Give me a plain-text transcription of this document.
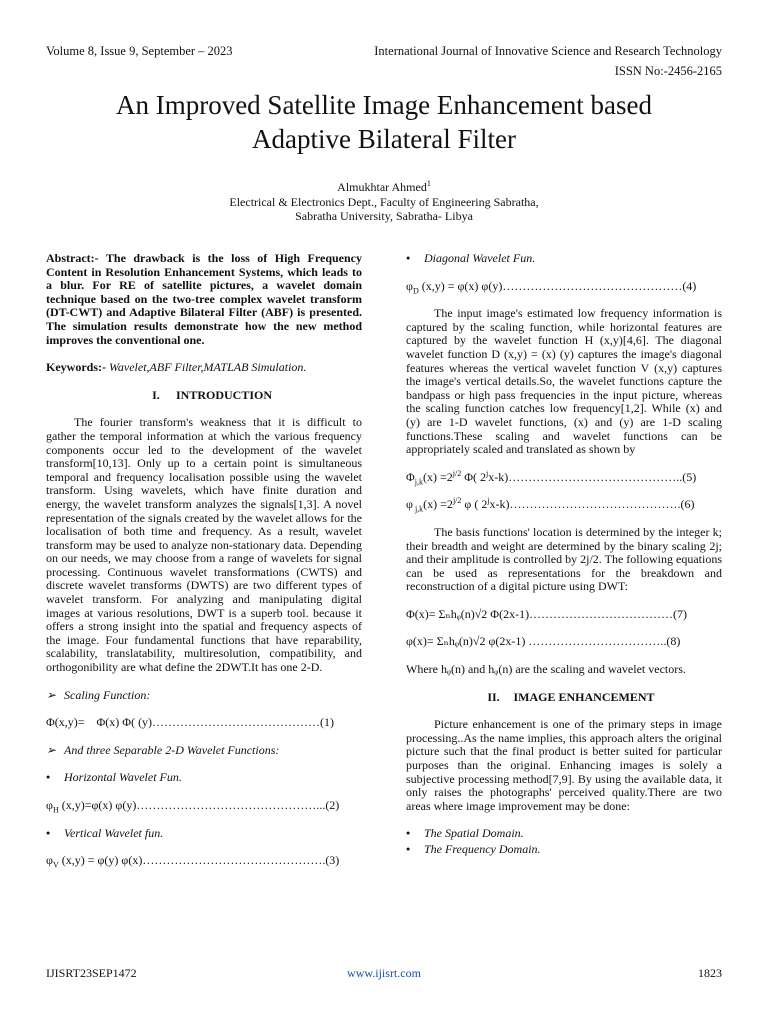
Volume 8, Issue 9, September – 2023	International Journal of Innovative Science and Research Technology
ISSN No:-2456-2165
An Improved Satellite Image Enhancement based
Adaptive Bilateral Filter
Almukhtar Ahmed$^1$
Electrical & Electronics Dept., Faculty of Engineering Sabratha,
Sabratha University, Sabratha- Libya

Abstract:- The drawback is the loss of High Frequency Content in Resolution Enhancement Systems, which leads to a blur. For RE of satellite pictures, a wavelet domain technique based on the two-tree complex wavelet transform (DT-CWT) and Adaptive Bilateral Filter (ABF) is presented. The simulation results demonstrate how the new method improves the conventional one.

Keywords:- Wavelet,ABF Filter,MATLAB Simulation.

I. INTRODUCTION

The fourier transform's weakness that it is difficult to gather the temporal information at which the various frequency components occur led to the development of the wavelet transform[10,13]. Only up to a certain point is simultaneous temporal and frequency localisation possible using the wavelet transform. Using wavelets, which have finite duration and energy, the wavelet transform analyzes the signals[1,3]. A novel representation of the signals created by the wavelet allows for the localisation of both time and frequency. As a result, wavelet transform may be used to analyze non-stationary data. Depending on our needs, we may choose from a range of wavelets for signal processing. Continuous wavelet transformations (CWTS) and discrete wavelet transforms (DWTS) are two different types of wavelet transform. For analyzing and manipulating digital images at various resolutions, DWT is a superb tool. because it offers a strong insight into the spatial and frequency aspects of the image. Four fundamental functions that have reparability, scalability, translatability, multiresolution, compatibility, and orthogonibility are what define the 2DWT.It has one 2-D.

➢ Scaling Function:

Φ(x,y)= Φ(x) Φ( (y)……………………………………(1)

➢ And three Separable 2-D Wavelet Functions:

● Horizontal Wavelet Fun.

$\varphi_H$ (x,y)=φ(x) φ(y)………………………………………...(2)

● Vertical Wavelet fun.

$\varphi_V$ (x,y) = φ(y) φ(x)……………………………………….(3)

● Diagonal Wavelet Fun.

$\varphi_D$ (x,y) = φ(x) φ(y)………………………………………(4)

The input image's estimated low frequency information is captured by the scaling function, while horizontal features are captured by the wavelet function H (x,y)[4,6]. The diagonal wavelet function D (x,y) = (x) (y) captures the image's diagonal features whereas the vertical wavelet function V (x,y) captures the image's vertical details.So, the wavelet functions capture the bandpass or high pass frequencies in the input picture, whereas the scaling function catches low frequency[1,2]. While (x) and (y) are 1-D wavelet functions, (x) and (y) are 1-D scaling functions.These scaling and wavelet functions can be appropriately scaled and translated as shown by

$\Phi_{j,k}(x) =2^{j/2}$ Φ( 2$^j$x-k)……………………………………..(5)

φ $_{j,k}(x) =2^{j/2}$ φ ( 2$^j$x-k)…………………………………….(6)

The basis functions' location is determined by the integer k; their breadth and weight are determined by the binary scaling 2j; and their amplitude is controlled by 2j/2. The following equations can be used as representations for the breakdown and reconstruction of a digital picture using DWT:

Φ(x)= Σₙhᵩ(n)√2 Φ(2x-1)………………………………(7)

φ(x)= Σₙhᵩ(n)√2 φ(2x-1) ……………………………..(8)

Where hᵩ(n) and hᵩ(n) are the scaling and wavelet vectors.

II. IMAGE ENHANCEMENT

Picture enhancement is one of the primary steps in image processing..As the name implies, this approach alters the original picture such that the final product is better suited for particular purposes than the original. Enhancing images is solely a subjective processing method[7,9]. By using the available data, it only raises the photographs' perceived quality.There are two areas where image improvement may be done:

● The Spatial Domain.

● The Frequency Domain.

IJISRT23SEP1472	www.ijisrt.com	1823
